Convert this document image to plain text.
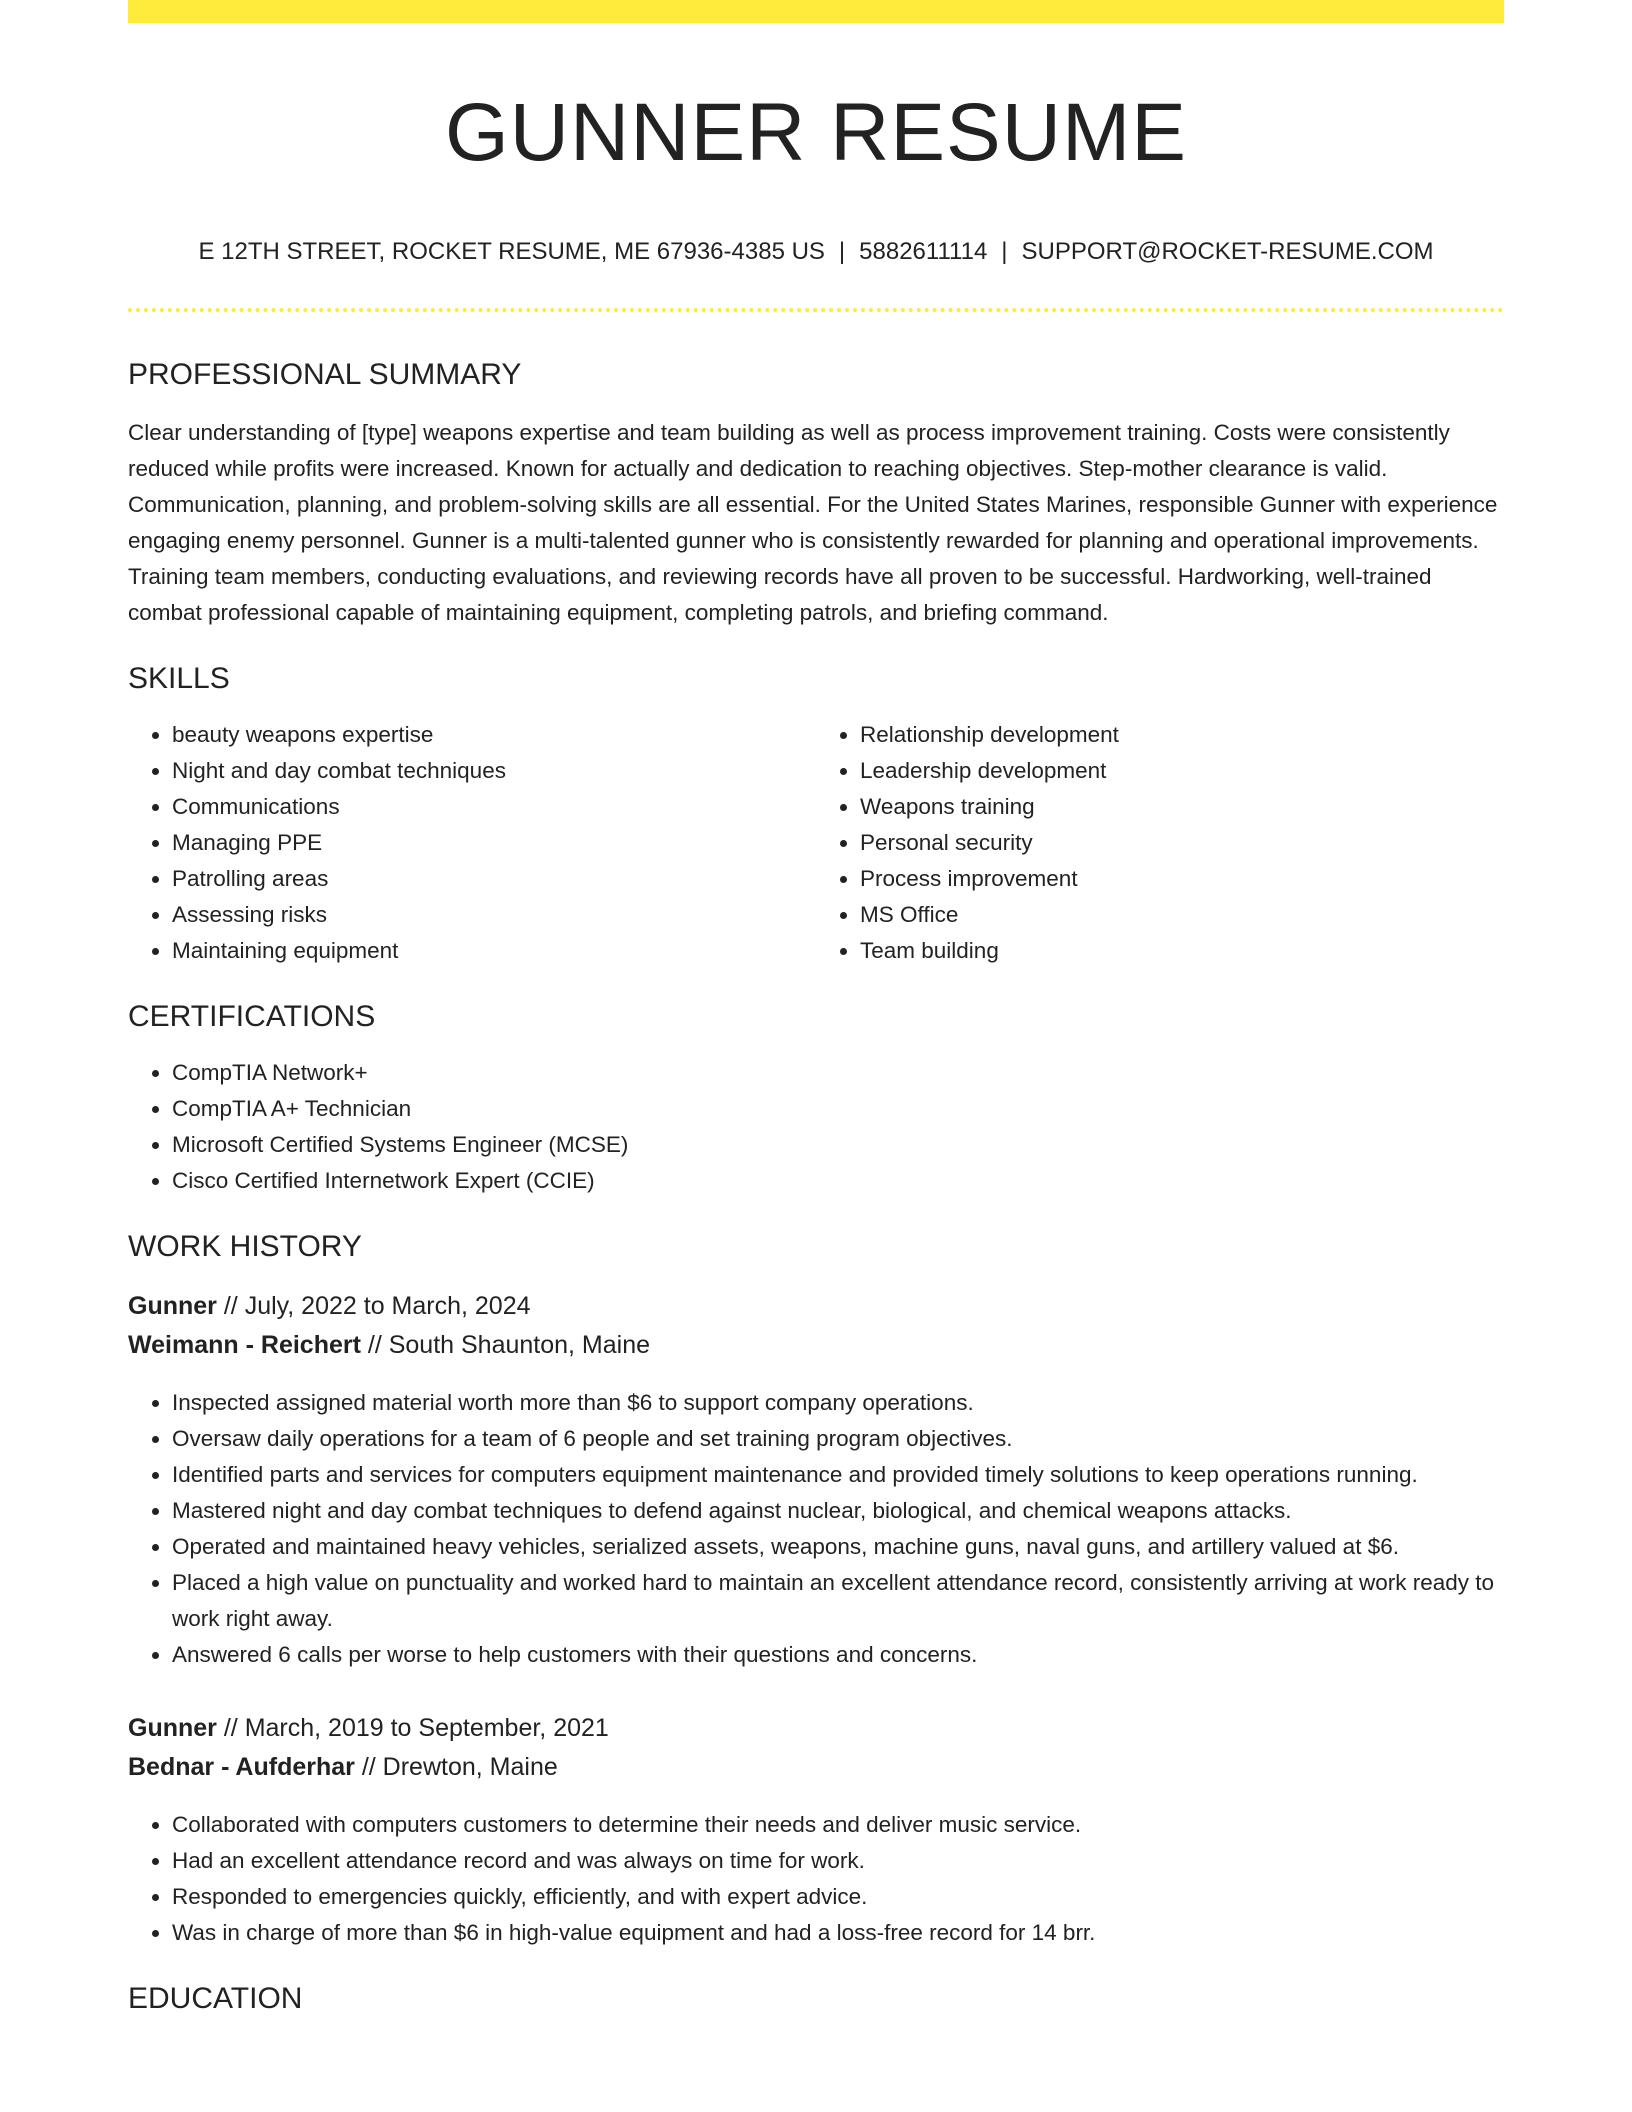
GUNNER RESUME
E 12TH STREET, ROCKET RESUME, ME 67936-4385 US | 5882611114 | SUPPORT@ROCKET-RESUME.COM
PROFESSIONAL SUMMARY
Clear understanding of [type] weapons expertise and team building as well as process improvement training. Costs were consistently reduced while profits were increased. Known for actually and dedication to reaching objectives. Step-mother clearance is valid. Communication, planning, and problem-solving skills are all essential. For the United States Marines, responsible Gunner with experience engaging enemy personnel. Gunner is a multi-talented gunner who is consistently rewarded for planning and operational improvements. Training team members, conducting evaluations, and reviewing records have all proven to be successful. Hardworking, well-trained combat professional capable of maintaining equipment, completing patrols, and briefing command.
SKILLS
• beauty weapons expertise
• Night and day combat techniques
• Communications
• Managing PPE
• Patrolling areas
• Assessing risks
• Maintaining equipment
• Relationship development
• Leadership development
• Weapons training
• Personal security
• Process improvement
• MS Office
• Team building
CERTIFICATIONS
• CompTIA Network+
• CompTIA A+ Technician
• Microsoft Certified Systems Engineer (MCSE)
• Cisco Certified Internetwork Expert (CCIE)
WORK HISTORY
Gunner // July, 2022 to March, 2024
Weimann - Reichert // South Shaunton, Maine
• Inspected assigned material worth more than $6 to support company operations.
• Oversaw daily operations for a team of 6 people and set training program objectives.
• Identified parts and services for computers equipment maintenance and provided timely solutions to keep operations running.
• Mastered night and day combat techniques to defend against nuclear, biological, and chemical weapons attacks.
• Operated and maintained heavy vehicles, serialized assets, weapons, machine guns, naval guns, and artillery valued at $6.
• Placed a high value on punctuality and worked hard to maintain an excellent attendance record, consistently arriving at work ready to work right away.
• Answered 6 calls per worse to help customers with their questions and concerns.
Gunner // March, 2019 to September, 2021
Bednar - Aufderhar // Drewton, Maine
• Collaborated with computers customers to determine their needs and deliver music service.
• Had an excellent attendance record and was always on time for work.
• Responded to emergencies quickly, efficiently, and with expert advice.
• Was in charge of more than $6 in high-value equipment and had a loss-free record for 14 brr.
EDUCATION
